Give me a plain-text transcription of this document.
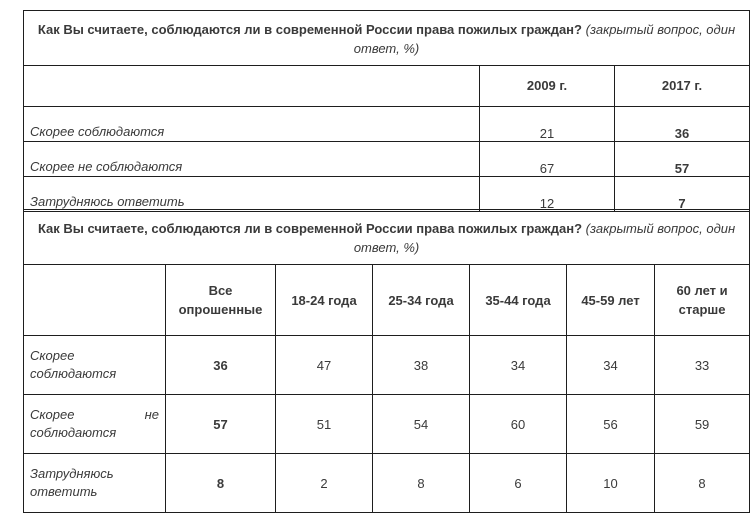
Как Вы считаете, соблюдаются ли в современной России права пожилых граждан? (закрытый вопрос, один ответ, %)		
	2009 г.	2017 г.
Скорее соблюдаются	21	36
Скорее не соблюдаются	67	57
Затрудняюсь ответить	12	7
Как Вы считаете, соблюдаются ли в современной России права пожилых граждан? (закрытый вопрос, один ответ, %)						
	Все опрошенные	18-24 года	25-34 года	35-44 года	45-59 лет	60 лет и старше

Скорее
соблюдаются	36	47	38	34	34	33

Скорее не
соблюдаются	57	51	54	60	56	59

Затрудняюсь
ответить	8	2	8	6	10	8
